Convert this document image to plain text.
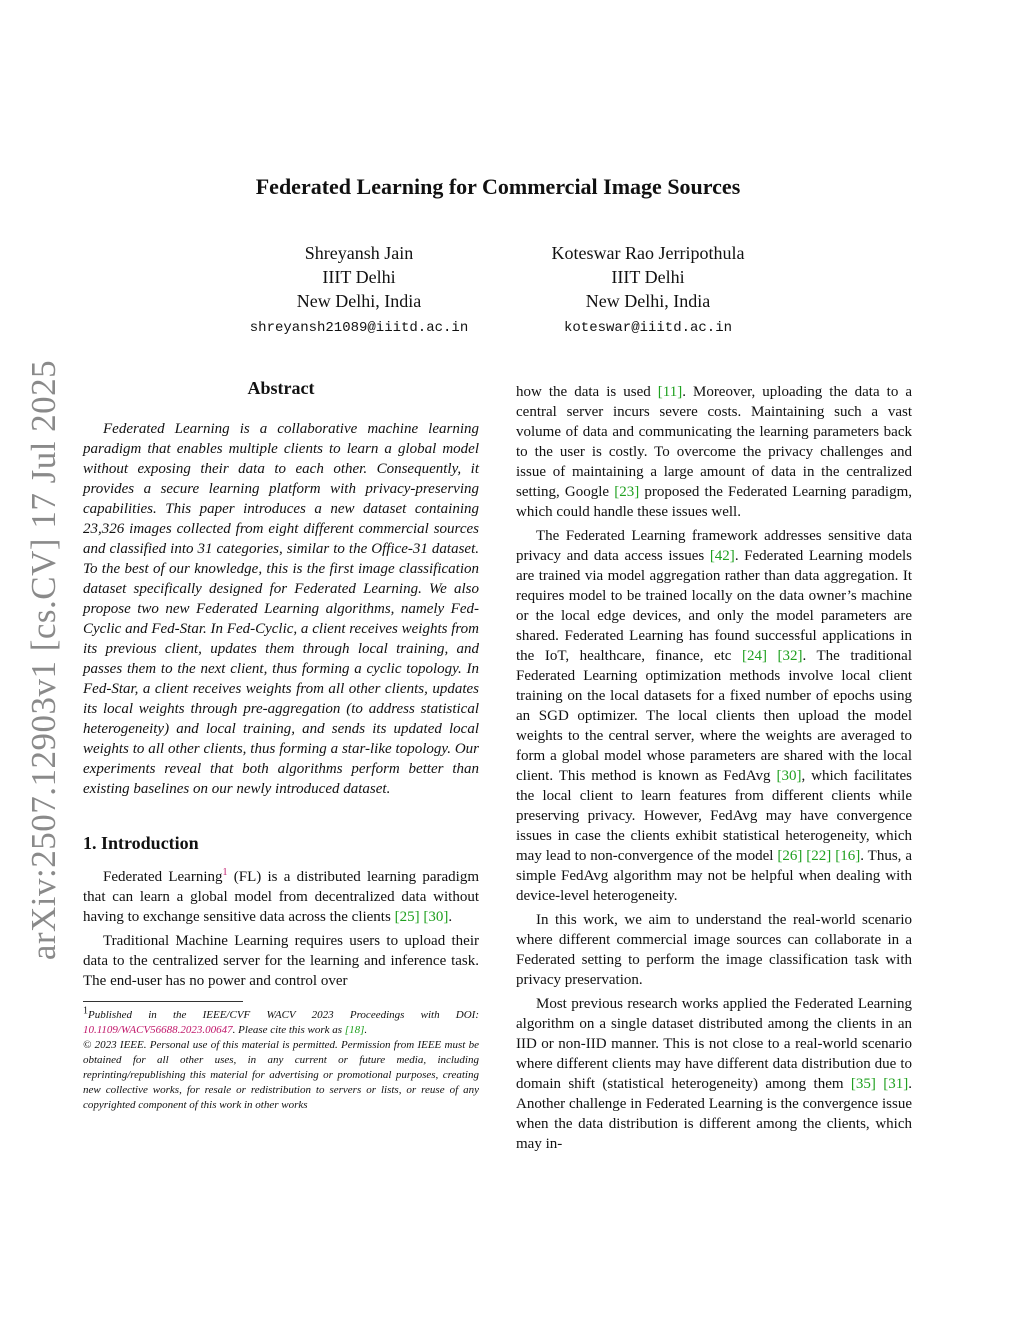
arXiv:2507.12903v1 [cs.CV] 17 Jul 2025
Federated Learning for Commercial Image Sources
Shreyansh Jain
IIIT Delhi
New Delhi, India
shreyansh21089@iiitd.ac.in
Koteswar Rao Jerripothula
IIIT Delhi
New Delhi, India
koteswar@iiitd.ac.in
Abstract

Federated Learning is a collaborative machine learning paradigm that enables multiple clients to learn a global model without exposing their data to each other. Consequently, it provides a secure learning platform with privacy-preserving capabilities. This paper introduces a new dataset containing 23,326 images collected from eight different commercial sources and classified into 31 categories, similar to the Office-31 dataset. To the best of our knowledge, this is the first image classification dataset specifically designed for Federated Learning. We also propose two new Federated Learning algorithms, namely Fed-Cyclic and Fed-Star. In Fed-Cyclic, a client receives weights from its previous client, updates them through local training, and passes them to the next client, thus forming a cyclic topology. In Fed-Star, a client receives weights from all other clients, updates its local weights through pre-aggregation (to address statistical heterogeneity) and local training, and sends its updated local weights to all other clients, thus forming a star-like topology. Our experiments reveal that both algorithms perform better than existing baselines on our newly introduced dataset.

1. Introduction

Federated Learning$^1$ (FL) is a distributed learning paradigm that can learn a global model from decentralized data without having to exchange sensitive data across the clients [25] [30].

Traditional Machine Learning requires users to upload their data to the centralized server for the learning and inference task. The end-user has no power and control over

$^1$Published in the IEEE/CVF WACV 2023 Proceedings with DOI: 10.1109/WACV56688.2023.00647. Please cite this work as [18].

© 2023 IEEE. Personal use of this material is permitted. Permission from IEEE must be obtained for all other uses, in any current or future media, including reprinting/republishing this material for advertising or promotional purposes, creating new collective works, for resale or redistribution to servers or lists, or reuse of any copyrighted component of this work in other works

how the data is used [11]. Moreover, uploading the data to a central server incurs severe costs. Maintaining such a vast volume of data and communicating the learning parameters back to the user is costly. To overcome the privacy challenges and issue of maintaining a large amount of data in the centralized setting, Google [23] proposed the Federated Learning paradigm, which could handle these issues well.

The Federated Learning framework addresses sensitive data privacy and data access issues [42]. Federated Learning models are trained via model aggregation rather than data aggregation. It requires model to be trained locally on the data owner’s machine or the local edge devices, and only the model parameters are shared. Federated Learning has found successful applications in the IoT, healthcare, finance, etc [24] [32]. The traditional Federated Learning optimization methods involve local client training on the local datasets for a fixed number of epochs using an SGD optimizer. The local clients then upload the model weights to the central server, where the weights are averaged to form a global model whose parameters are shared with the local client. This method is known as FedAvg [30], which facilitates the local client to learn features from different clients while preserving privacy. However, FedAvg may have convergence issues in case the clients exhibit statistical heterogeneity, which may lead to non-convergence of the model [26] [22] [16]. Thus, a simple FedAvg algorithm may not be helpful when dealing with device-level heterogeneity.

In this work, we aim to understand the real-world scenario where different commercial image sources can collaborate in a Federated setting to perform the image classification task with privacy preservation.

Most previous research works applied the Federated Learning algorithm on a single dataset distributed among the clients in an IID or non-IID manner. This is not close to a real-world scenario where different clients may have different data distribution due to domain shift (statistical heterogeneity) among them [35] [31]. Another challenge in Federated Learning is the convergence issue when the data distribution is different among the clients, which may in-
